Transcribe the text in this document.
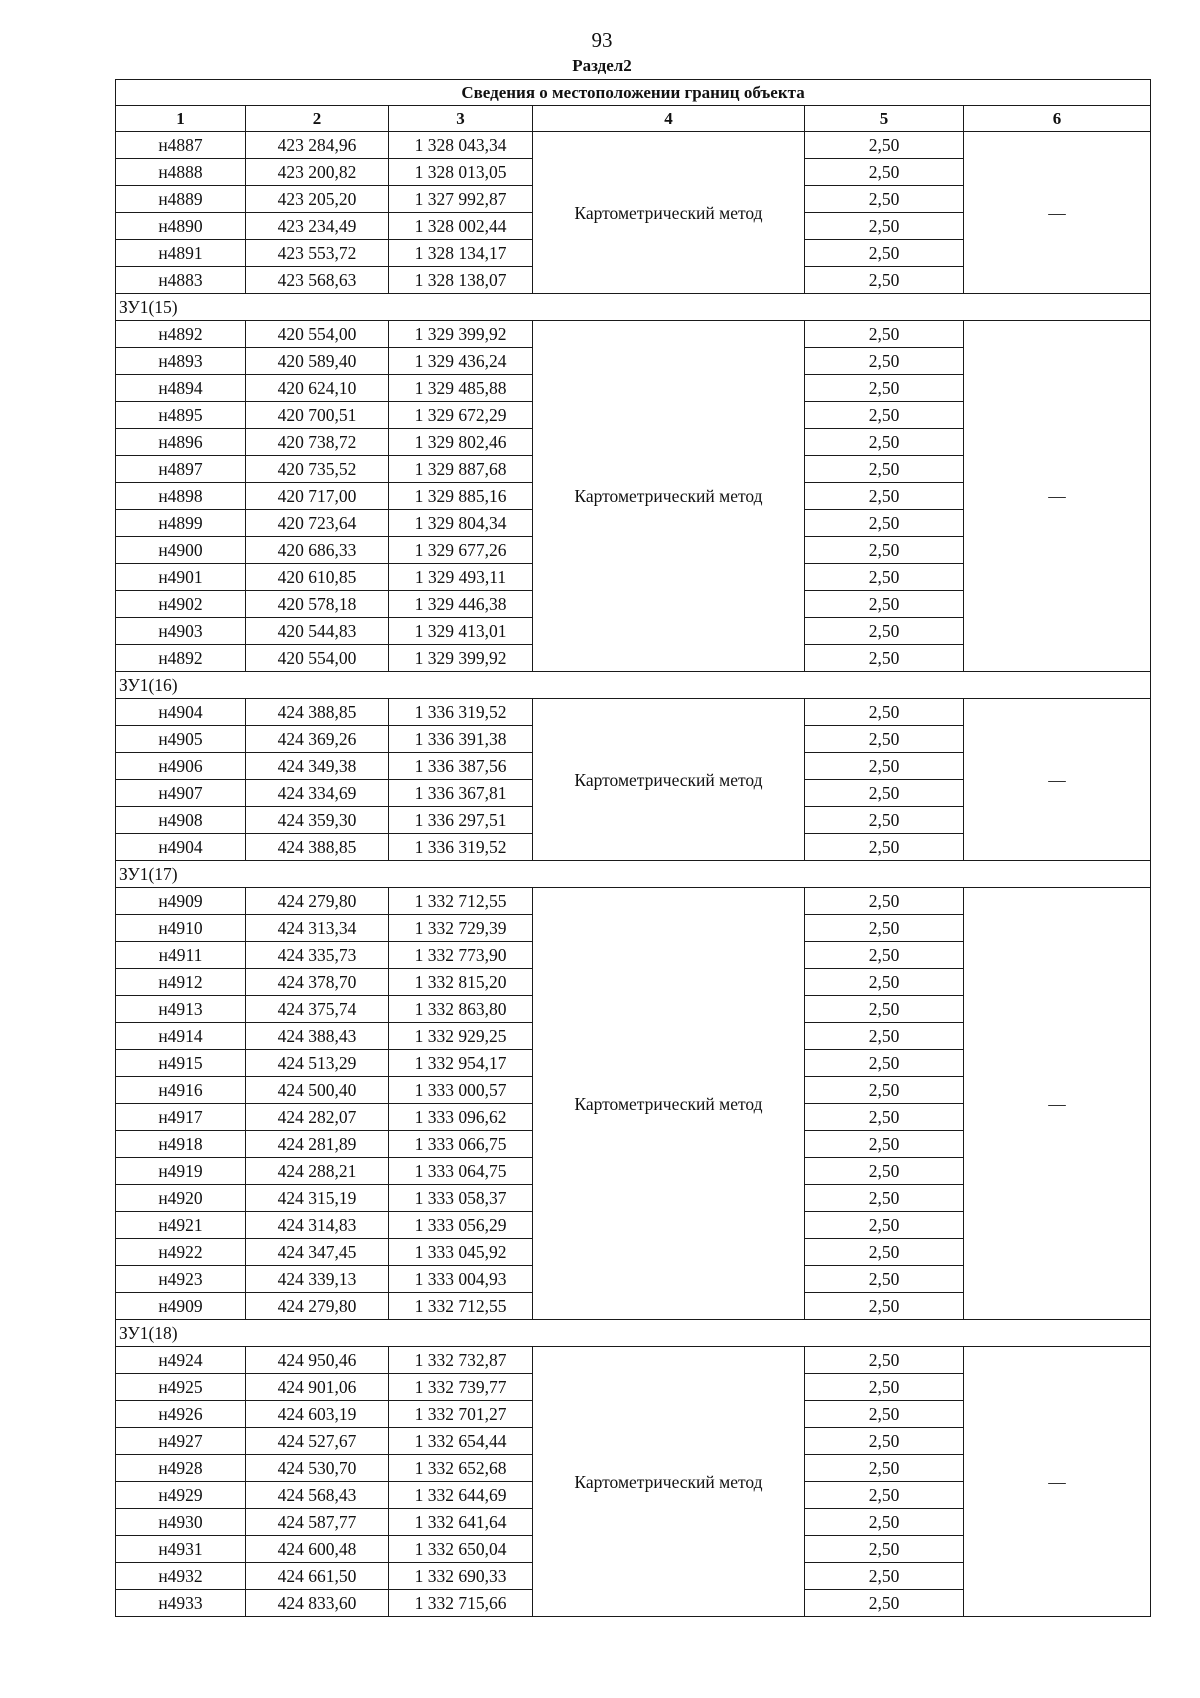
93
Раздел2
Сведения о местоположении границ объекта					
1	2	3	4	5	6
н4887	423 284,96	1 328 043,34	Картометрический метод	2,50	—
н4888	423 200,82	1 328 013,05		2,50	
н4889	423 205,20	1 327 992,87		2,50	
н4890	423 234,49	1 328 002,44		2,50	
н4891	423 553,72	1 328 134,17		2,50	
н4883	423 568,63	1 328 138,07		2,50	
ЗУ1(15)					
н4892	420 554,00	1 329 399,92	Картометрический метод	2,50	—
н4893	420 589,40	1 329 436,24		2,50	
н4894	420 624,10	1 329 485,88		2,50	
н4895	420 700,51	1 329 672,29		2,50	
н4896	420 738,72	1 329 802,46		2,50	
н4897	420 735,52	1 329 887,68		2,50	
н4898	420 717,00	1 329 885,16		2,50	
н4899	420 723,64	1 329 804,34		2,50	
н4900	420 686,33	1 329 677,26		2,50	
н4901	420 610,85	1 329 493,11		2,50	
н4902	420 578,18	1 329 446,38		2,50	
н4903	420 544,83	1 329 413,01		2,50	
н4892	420 554,00	1 329 399,92		2,50	
ЗУ1(16)					
н4904	424 388,85	1 336 319,52	Картометрический метод	2,50	—
н4905	424 369,26	1 336 391,38		2,50	
н4906	424 349,38	1 336 387,56		2,50	
н4907	424 334,69	1 336 367,81		2,50	
н4908	424 359,30	1 336 297,51		2,50	
н4904	424 388,85	1 336 319,52		2,50	
ЗУ1(17)					
н4909	424 279,80	1 332 712,55	Картометрический метод	2,50	—
н4910	424 313,34	1 332 729,39		2,50	
н4911	424 335,73	1 332 773,90		2,50	
н4912	424 378,70	1 332 815,20		2,50	
н4913	424 375,74	1 332 863,80		2,50	
н4914	424 388,43	1 332 929,25		2,50	
н4915	424 513,29	1 332 954,17		2,50	
н4916	424 500,40	1 333 000,57		2,50	
н4917	424 282,07	1 333 096,62		2,50	
н4918	424 281,89	1 333 066,75		2,50	
н4919	424 288,21	1 333 064,75		2,50	
н4920	424 315,19	1 333 058,37		2,50	
н4921	424 314,83	1 333 056,29		2,50	
н4922	424 347,45	1 333 045,92		2,50	
н4923	424 339,13	1 333 004,93		2,50	
н4909	424 279,80	1 332 712,55		2,50	
ЗУ1(18)					
н4924	424 950,46	1 332 732,87	Картометрический метод	2,50	—
н4925	424 901,06	1 332 739,77		2,50	
н4926	424 603,19	1 332 701,27		2,50	
н4927	424 527,67	1 332 654,44		2,50	
н4928	424 530,70	1 332 652,68		2,50	
н4929	424 568,43	1 332 644,69		2,50	
н4930	424 587,77	1 332 641,64		2,50	
н4931	424 600,48	1 332 650,04		2,50	
н4932	424 661,50	1 332 690,33		2,50	
н4933	424 833,60	1 332 715,66		2,50	
